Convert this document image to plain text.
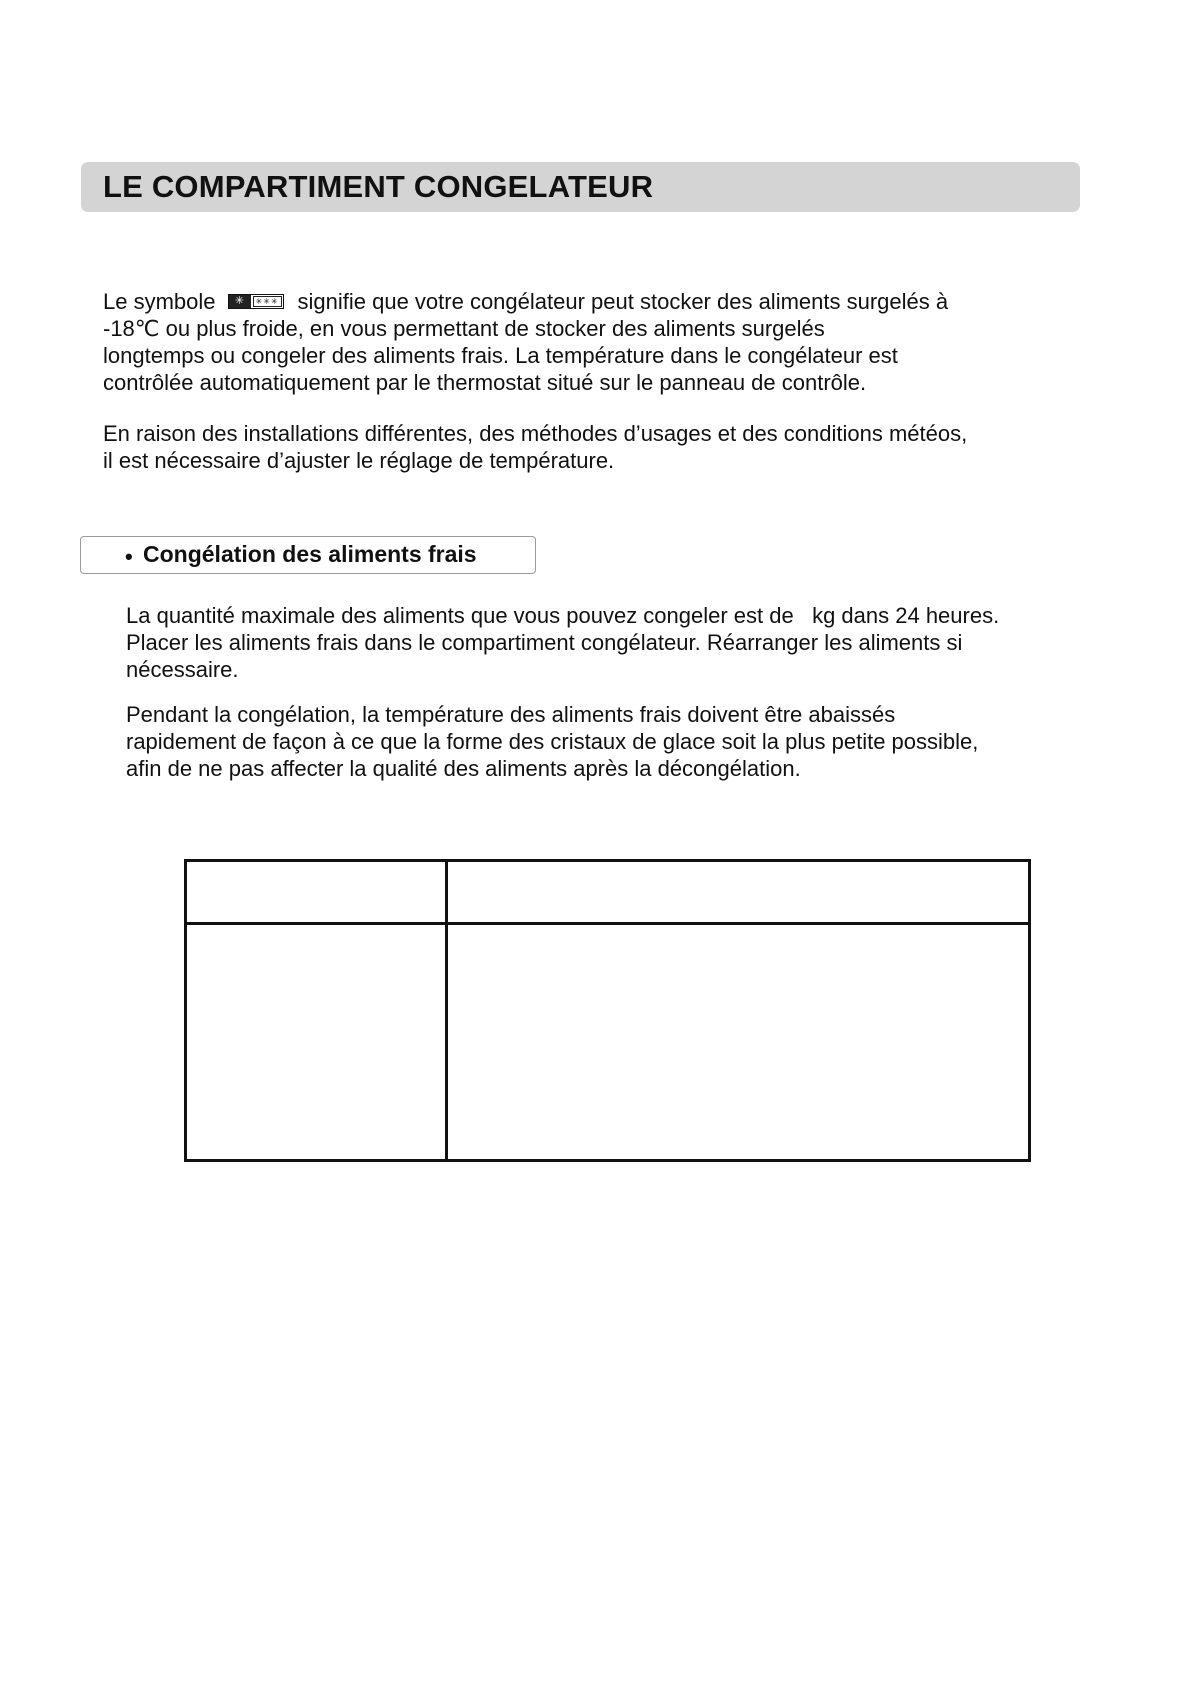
LE COMPARTIMENT CONGELATEUR
Le symbole	✳	✳✳✳ signifie que votre congélateur peut stocker des aliments surgelés à
-18℃ ou plus froide, en vous permettant de stocker des aliments surgelés
longtemps ou congeler des aliments frais. La température dans le congélateur est
contrôlée automatiquement par le thermostat situé sur le panneau de contrôle.
En raison des installations différentes, des méthodes d’usages et des conditions météos,
il est nécessaire d’ajuster le réglage de température.
• Congélation des aliments frais
La quantité maximale des aliments que vous pouvez congeler est de   kg dans 24 heures.
Placer les aliments frais dans le compartiment congélateur. Réarranger les aliments si
nécessaire.
Pendant la congélation, la température des aliments frais doivent être abaissés
rapidement de façon à ce que la forme des cristaux de glace soit la plus petite possible,
afin de ne pas affecter la qualité des aliments après la décongélation.
